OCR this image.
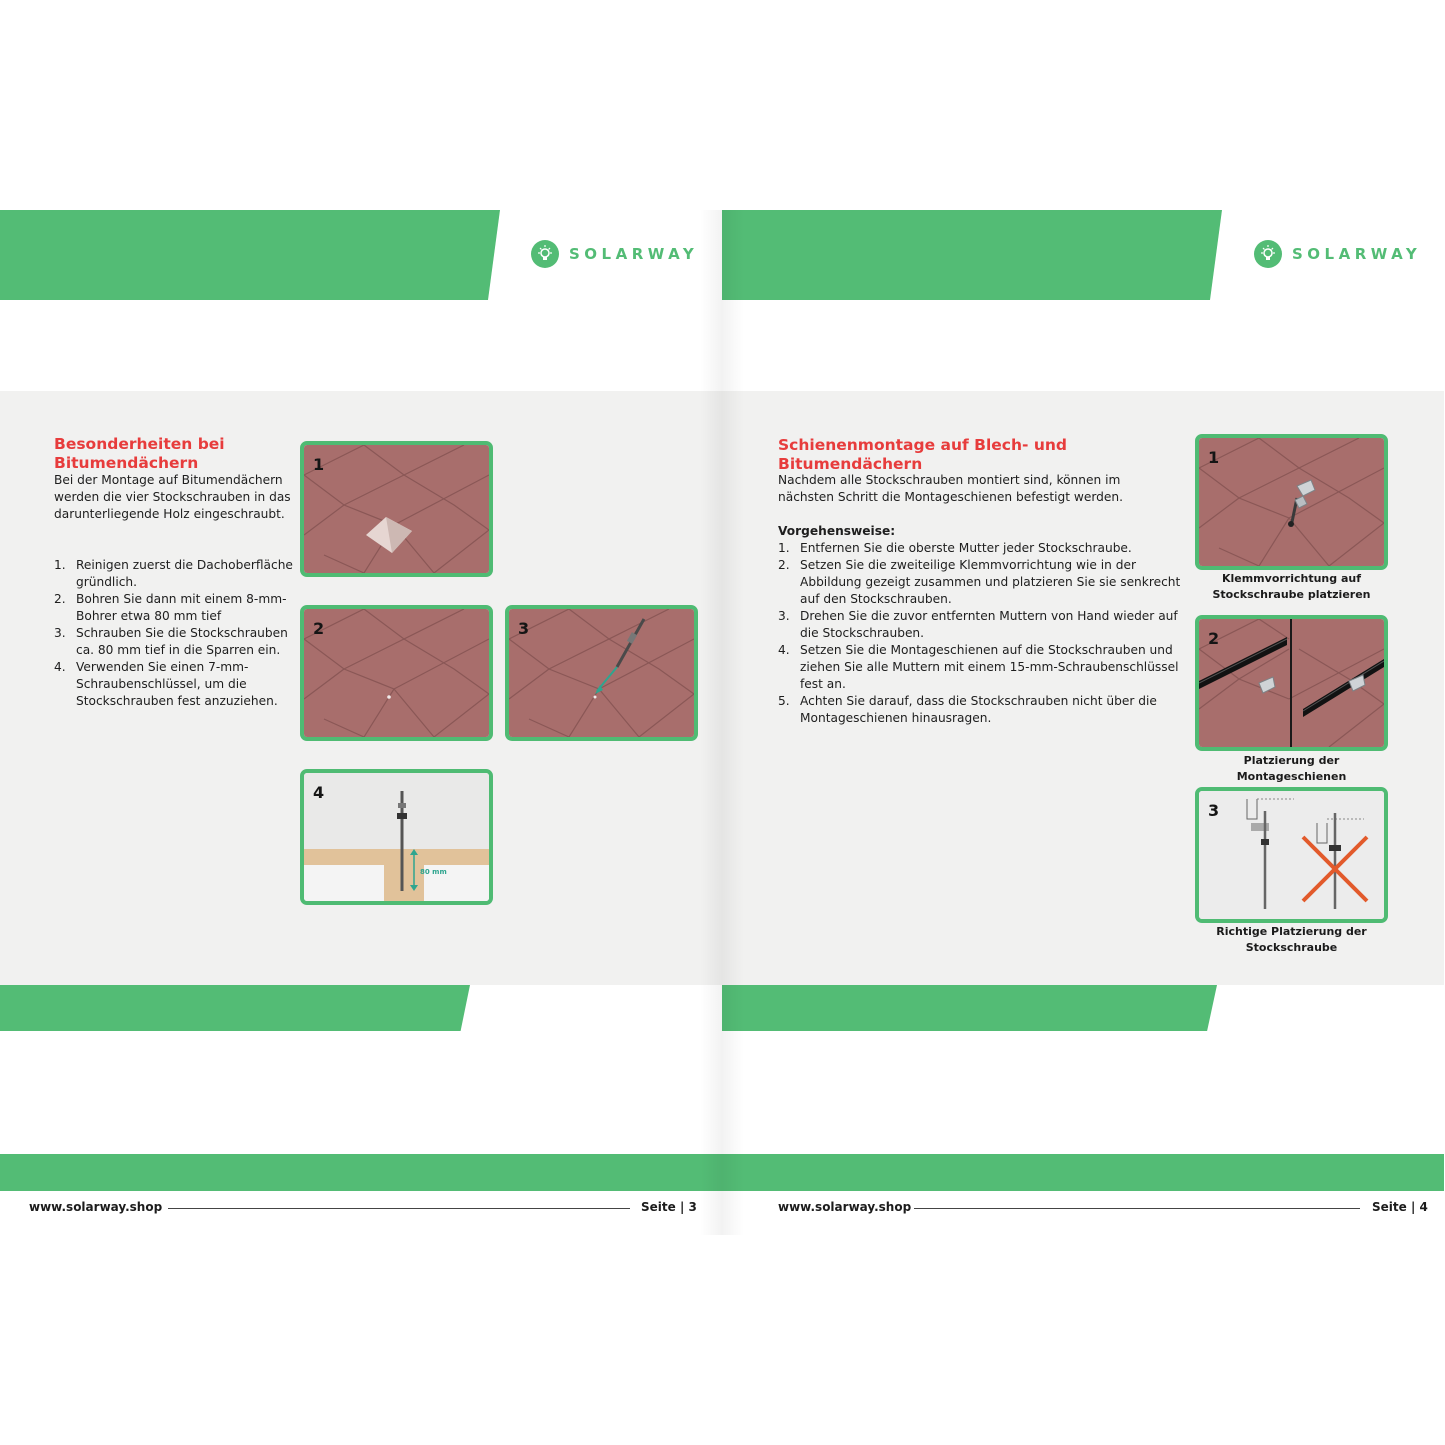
SOLARWAY
Besonderheiten bei Bitumendächern
Bei der Montage auf Bitumendächern werden die vier Stockschrauben in das darunterliegende Holz eingeschraubt.
1. Reinigen zuerst die Dachoberfläche gründlich.
2. Bohren Sie dann mit einem 8-mm-Bohrer etwa 80 mm tief
3. Schrauben Sie die Stockschrauben ca. 80 mm tief in die Sparren ein.
4. Verwenden Sie einen 7-mm-Schraubenschlüssel, um die Stockschrauben fest anzuziehen.
1
2	3
80 mm
4
www.solarway.shop	Seite | 3
SOLARWAY
Schienenmontage auf Blech- und Bitumendächern
Nachdem alle Stockschrauben montiert sind, können im nächsten Schritt die Montageschienen befestigt werden.
Vorgehensweise:
1. Entfernen Sie die oberste Mutter jeder Stockschraube.
2. Setzen Sie die zweiteilige Klemmvorrichtung wie in der Abbildung gezeigt zusammen und platzieren Sie sie senkrecht auf den Stockschrauben.
3. Drehen Sie die zuvor entfernten Muttern von Hand wieder auf die Stockschrauben.
4. Setzen Sie die Montageschienen auf die Stockschrauben und ziehen Sie alle Muttern mit einem 15-mm-Schraubenschlüssel fest an.
5. Achten Sie darauf, dass die Stockschrauben nicht über die Montageschienen hinausragen.
1
Klemmvorrichtung auf Stockschraube platzieren
2
Platzierung der Montageschienen
3
Richtige Platzierung der Stockschraube
www.solarway.shop	Seite | 4
